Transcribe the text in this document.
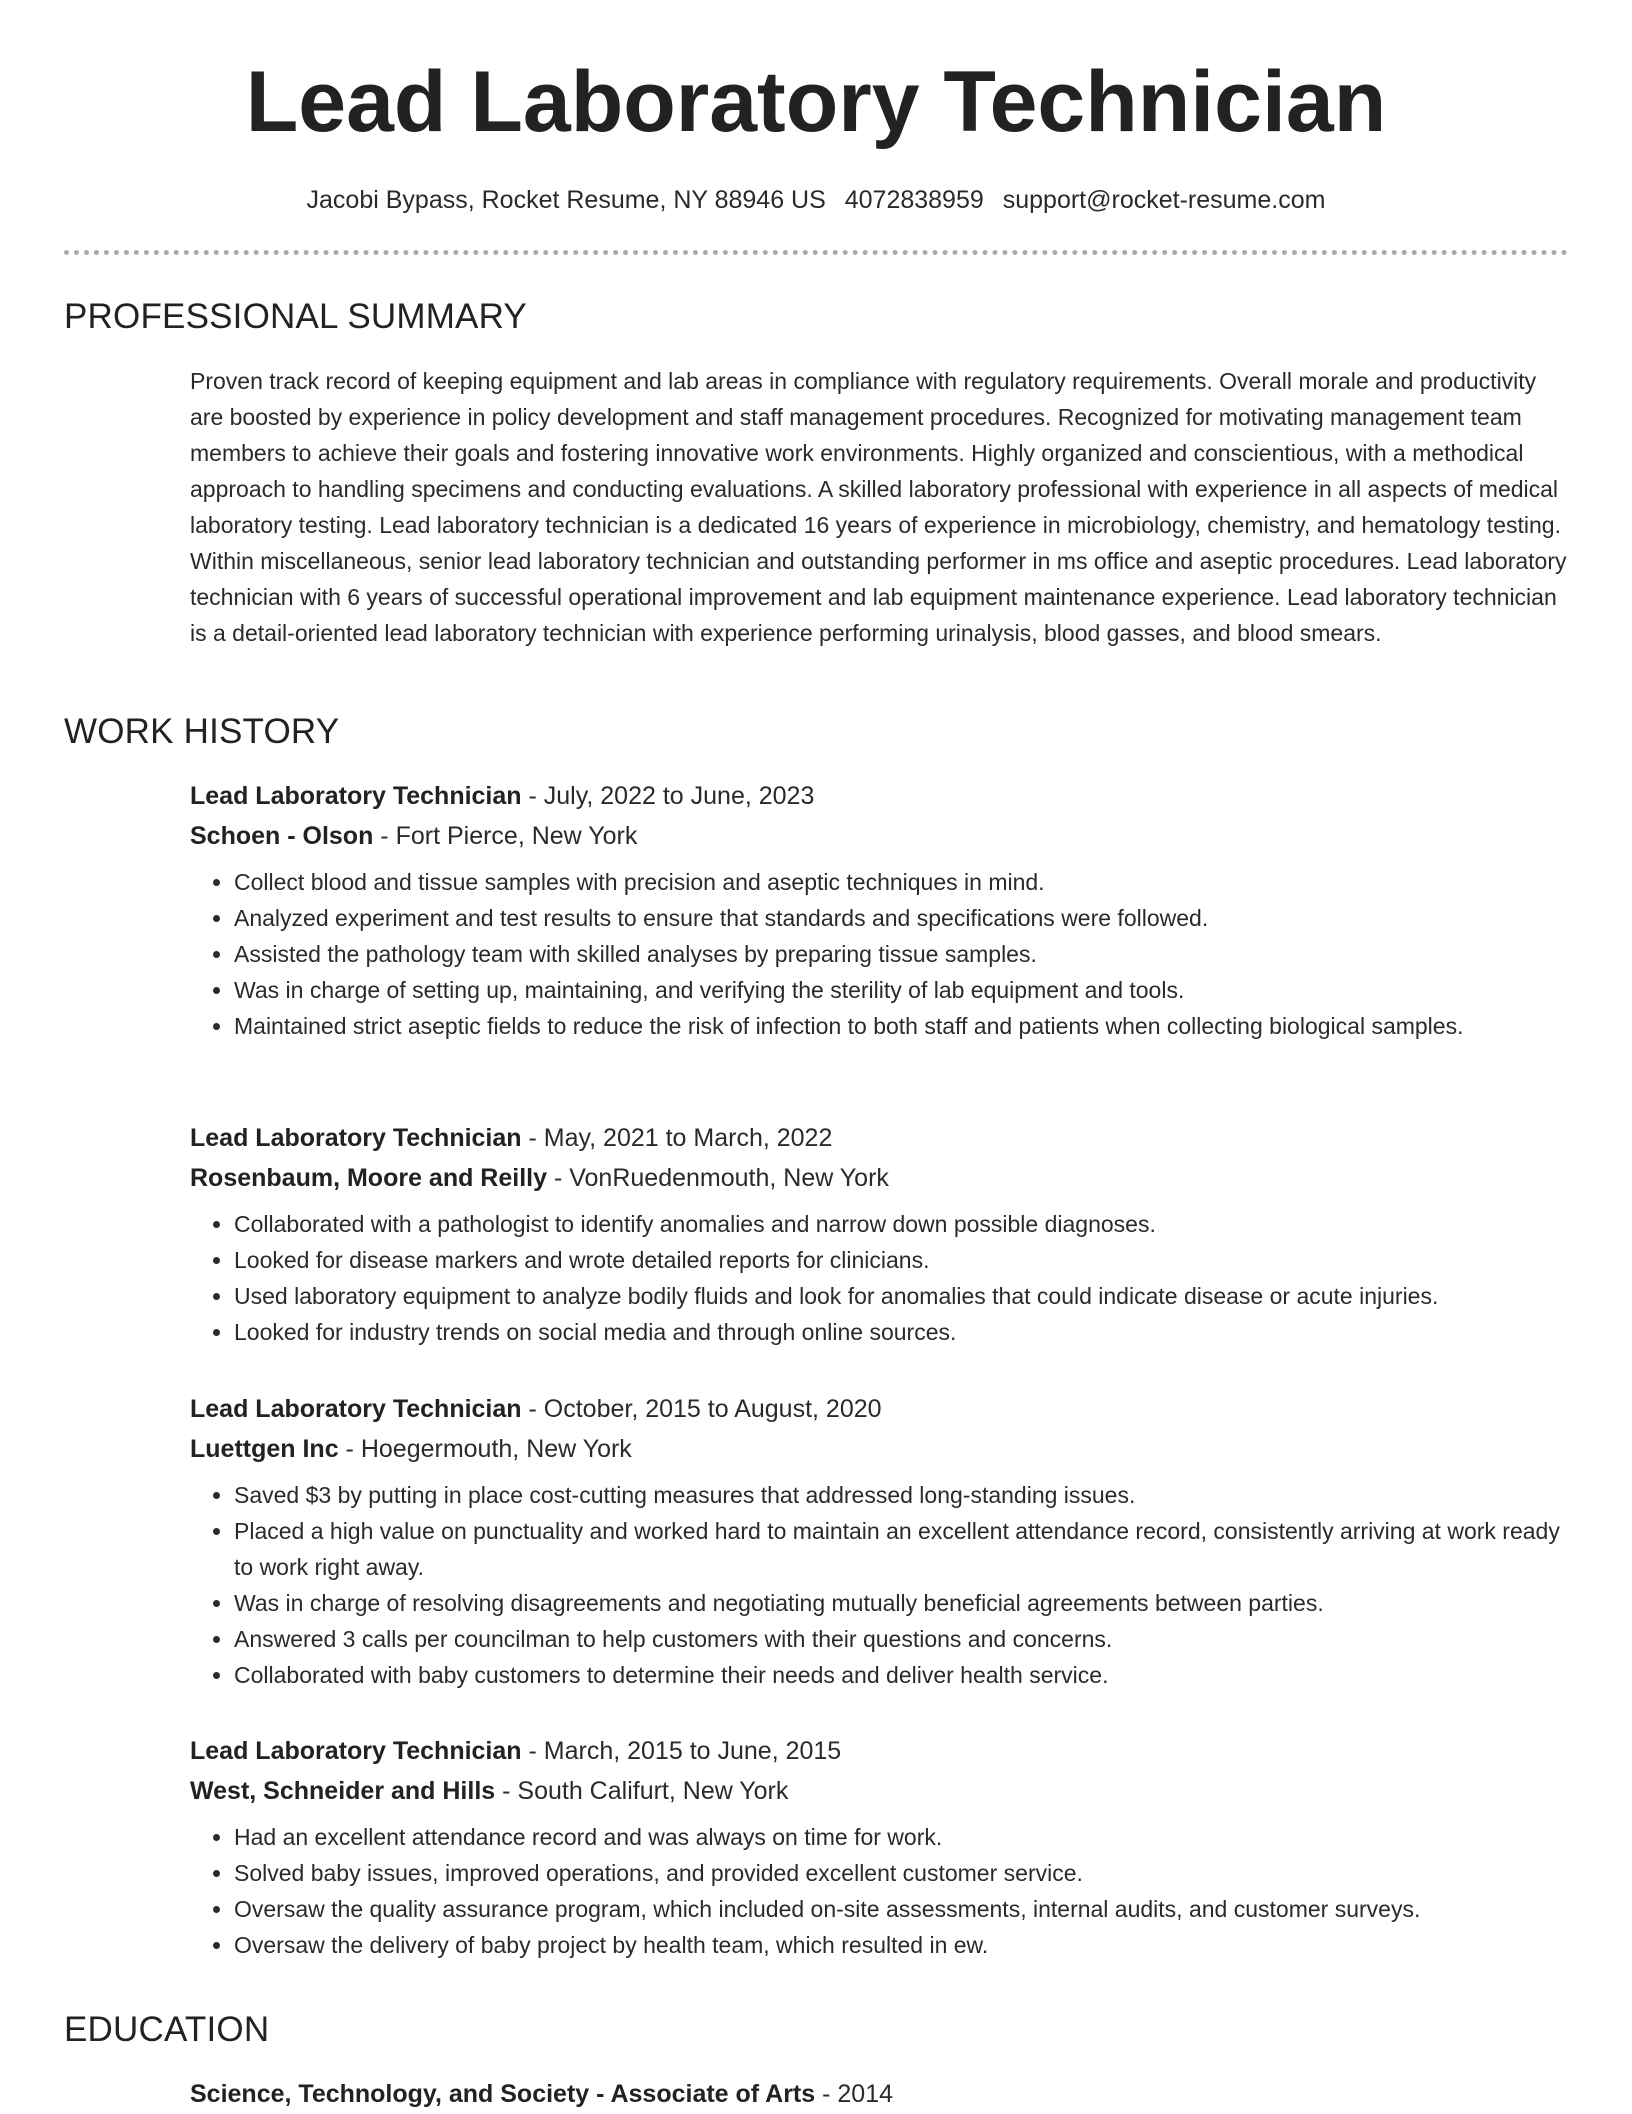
Lead Laboratory Technician
Jacobi Bypass, Rocket Resume, NY 88946 US 4072838959 support@rocket-resume.com
PROFESSIONAL SUMMARY

Proven track record of keeping equipment and lab areas in compliance with regulatory requirements. Overall morale and productivity are boosted by experience in policy development and staff management procedures. Recognized for motivating management team members to achieve their goals and fostering innovative work environments. Highly organized and conscientious, with a methodical approach to handling specimens and conducting evaluations. A skilled laboratory professional with experience in all aspects of medical laboratory testing. Lead laboratory technician is a dedicated 16 years of experience in microbiology, chemistry, and hematology testing. Within miscellaneous, senior lead laboratory technician and outstanding performer in ms office and aseptic procedures. Lead laboratory technician with 6 years of successful operational improvement and lab equipment maintenance experience. Lead laboratory technician is a detail-oriented lead laboratory technician with experience performing urinalysis, blood gasses, and blood smears.

WORK HISTORY
Lead Laboratory Technician - July, 2022 to June, 2023
Schoen - Olson - Fort Pierce, New York
• Collect blood and tissue samples with precision and aseptic techniques in mind.
• Analyzed experiment and test results to ensure that standards and specifications were followed.
• Assisted the pathology team with skilled analyses by preparing tissue samples.
• Was in charge of setting up, maintaining, and verifying the sterility of lab equipment and tools.
• Maintained strict aseptic fields to reduce the risk of infection to both staff and patients when collecting biological samples.
Lead Laboratory Technician - May, 2021 to March, 2022
Rosenbaum, Moore and Reilly - VonRuedenmouth, New York
• Collaborated with a pathologist to identify anomalies and narrow down possible diagnoses.
• Looked for disease markers and wrote detailed reports for clinicians.
• Used laboratory equipment to analyze bodily fluids and look for anomalies that could indicate disease or acute injuries.
• Looked for industry trends on social media and through online sources.
Lead Laboratory Technician - October, 2015 to August, 2020
Luettgen Inc - Hoegermouth, New York
• Saved $3 by putting in place cost-cutting measures that addressed long-standing issues.
• Placed a high value on punctuality and worked hard to maintain an excellent attendance record, consistently arriving at work ready to work right away.
• Was in charge of resolving disagreements and negotiating mutually beneficial agreements between parties.
• Answered 3 calls per councilman to help customers with their questions and concerns.
• Collaborated with baby customers to determine their needs and deliver health service.
Lead Laboratory Technician - March, 2015 to June, 2015
West, Schneider and Hills - South Califurt, New York
• Had an excellent attendance record and was always on time for work.
• Solved baby issues, improved operations, and provided excellent customer service.
• Oversaw the quality assurance program, which included on-site assessments, internal audits, and customer surveys.
• Oversaw the delivery of baby project by health team, which resulted in ew.
EDUCATION
Science, Technology, and Society - Associate of Arts - 2014
